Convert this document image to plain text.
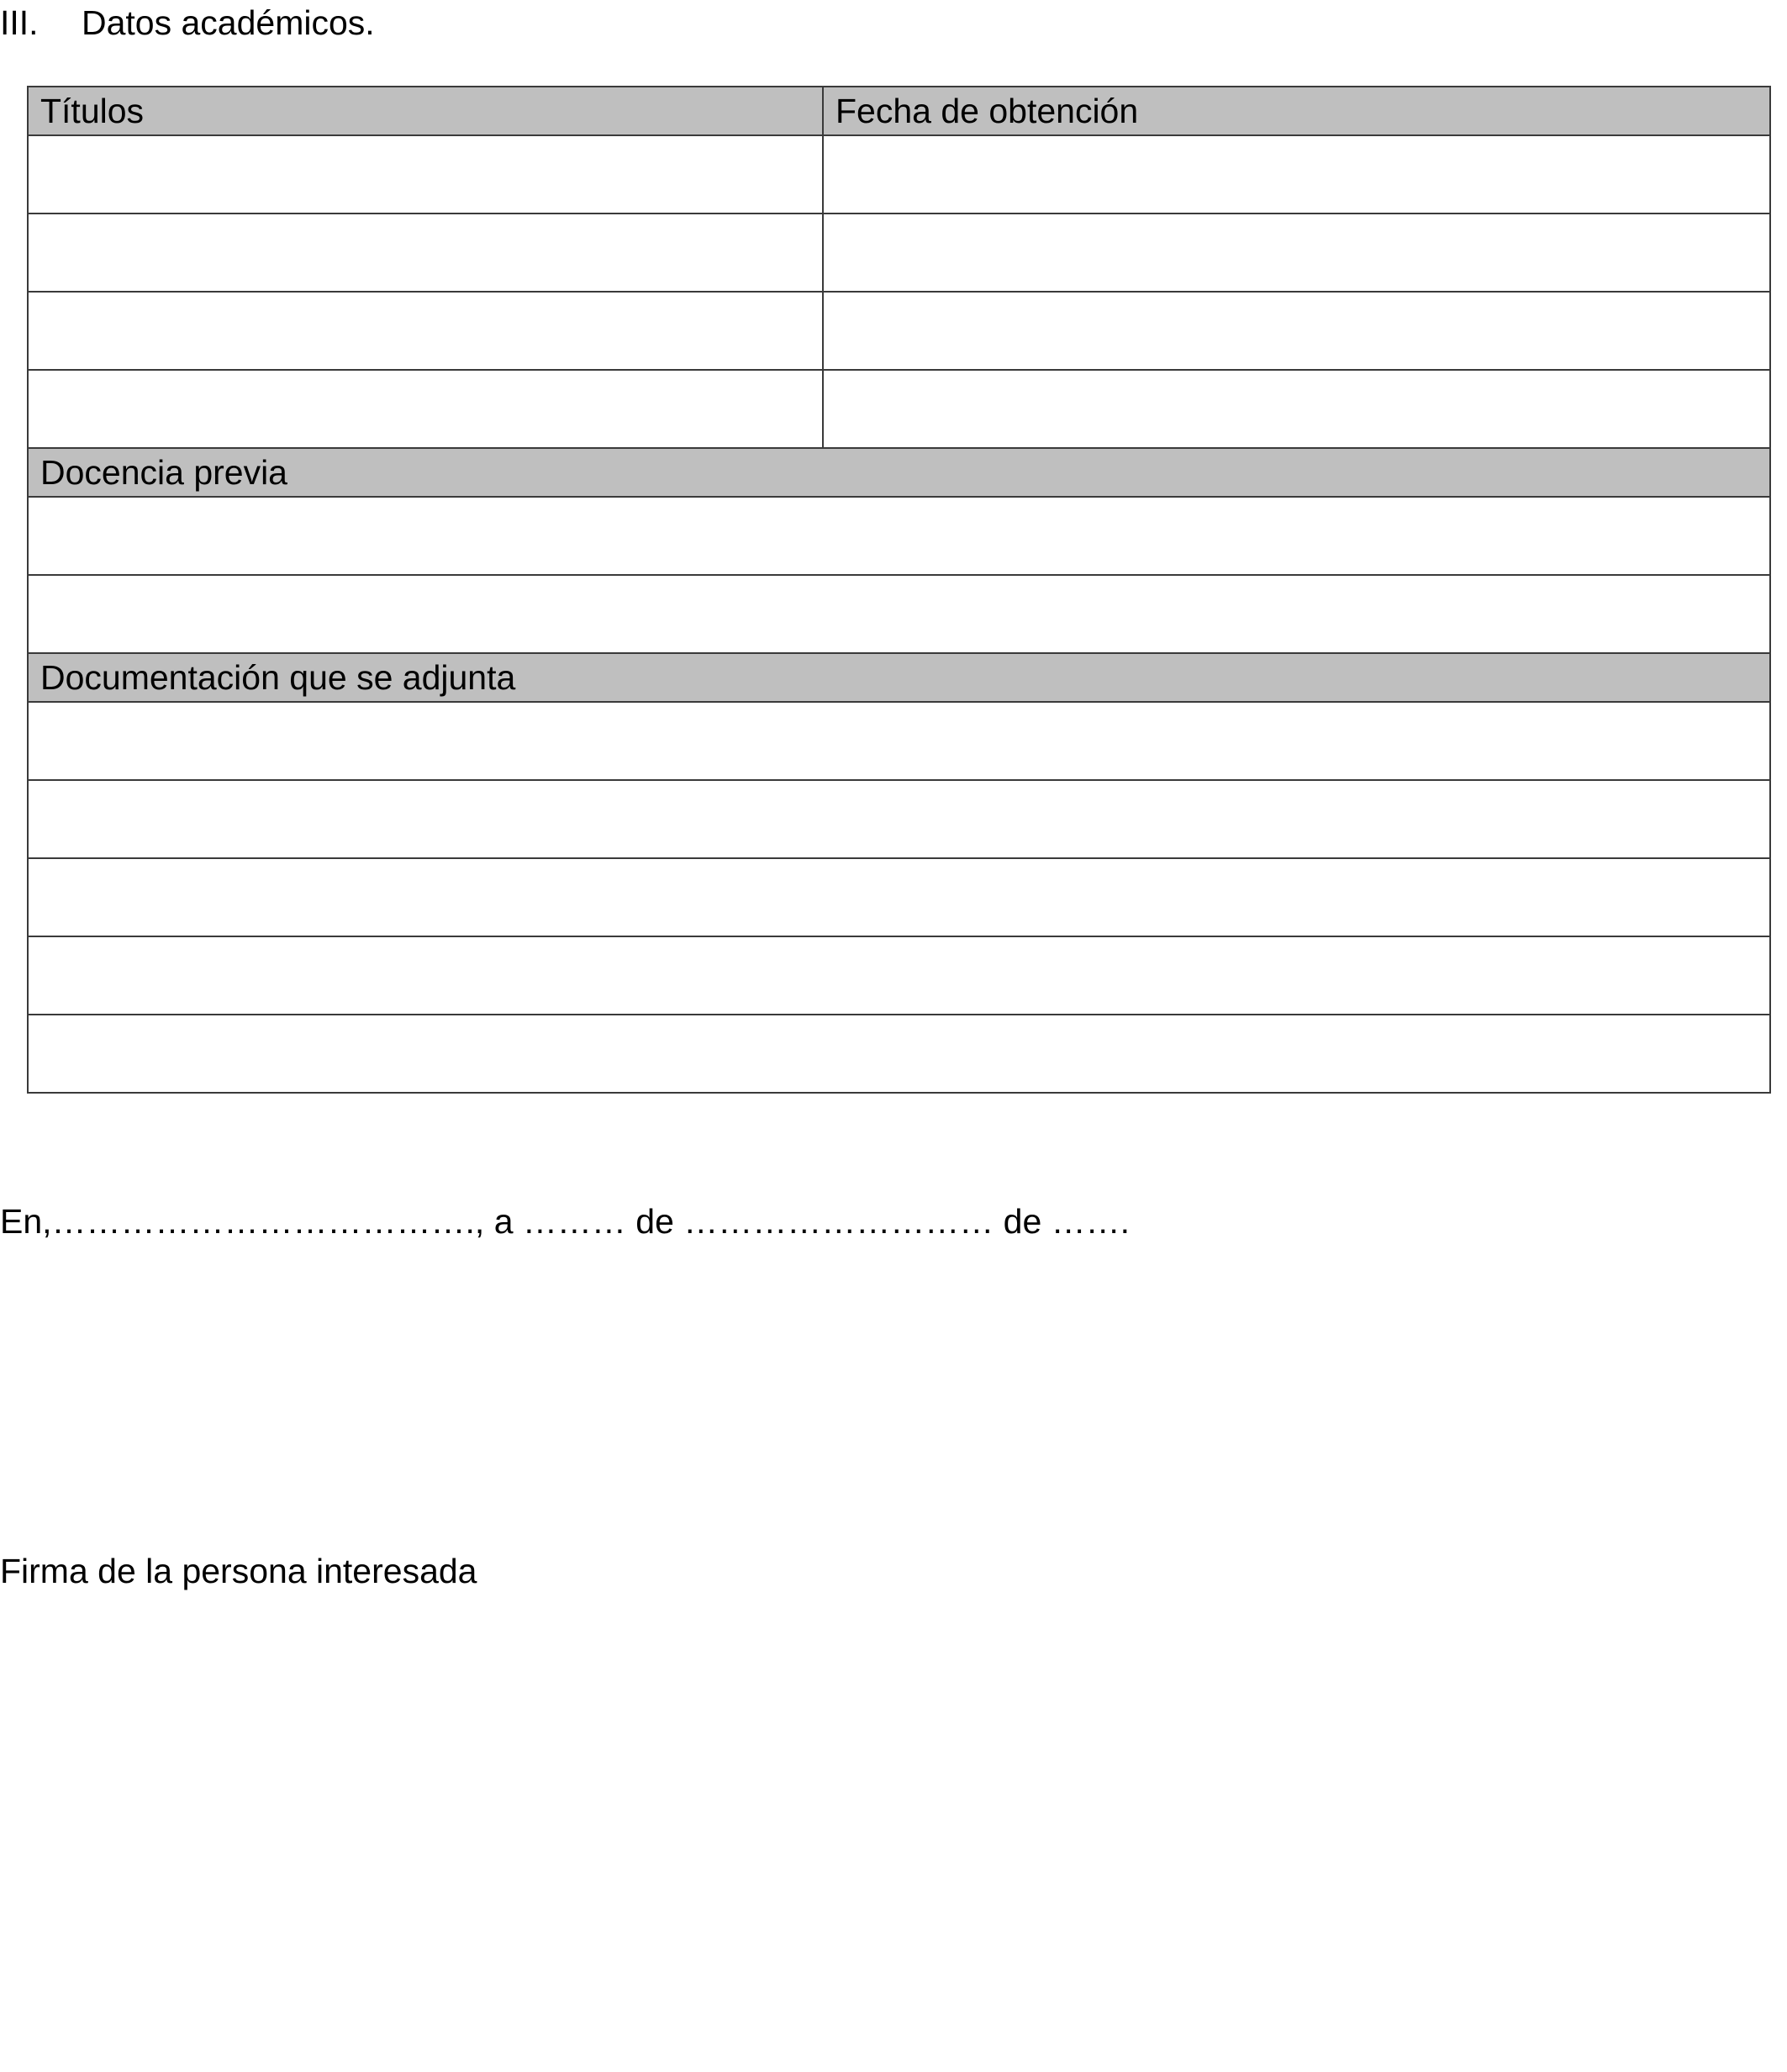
III. Datos académicos.
Títulos	Fecha de obtención

Docencia previa	

Documentación que se adjunta	

En,………………………………., a ……… de ……………………… de …….
Firma de la persona interesada
